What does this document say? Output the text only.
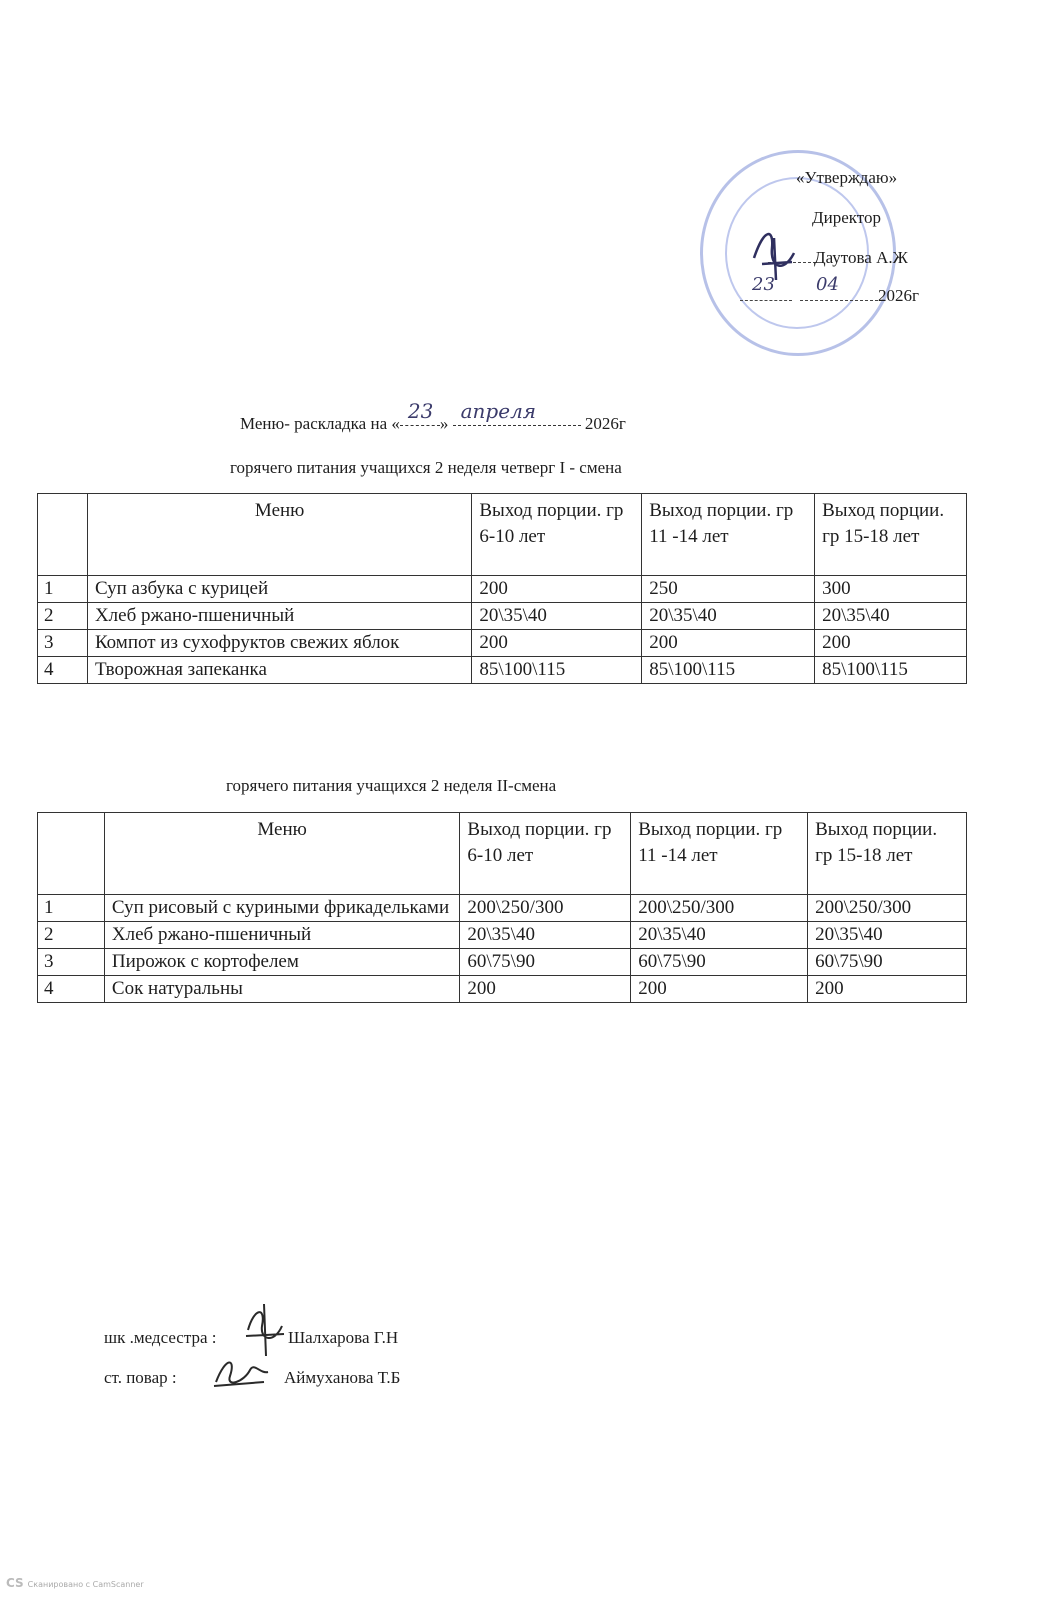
«Утверждаю»
Директор
Даутова А.Ж
23 04
2026г
Меню- раскладка на «
23
»
апреля
2026г
горячего питания учащихся 2 неделя четверг I - смена
	Меню	Выход порции. гр 6-10 лет	Выход порции. гр 11 -14 лет	Выход порции. гр 15-18 лет
1	Суп азбука с курицей	200	250	300
2	Хлеб ржано-пшеничный	20\35\40	20\35\40	20\35\40
3	Компот из сухофруктов свежих яблок	200	200	200
4	Творожная запеканка	85\100\115	85\100\115	85\100\115
горячего питания учащихся 2 неделя II-смена
	Меню	Выход порции. гр 6-10 лет	Выход порции. гр 11 -14 лет	Выход порции. гр 15-18 лет
1	Суп рисовый с куриными фрикадельками	200\250/300	200\250/300	200\250/300
2	Хлеб ржано-пшеничный	20\35\40	20\35\40	20\35\40
3	Пирожок с кортофелем	60\75\90	60\75\90	60\75\90
4	Сок натуральны	200	200	200
шк .медсестра :	Шалхарова Г.Н
ст. повар :	Аймуханова Т.Б
CS Сканировано с CamScanner
